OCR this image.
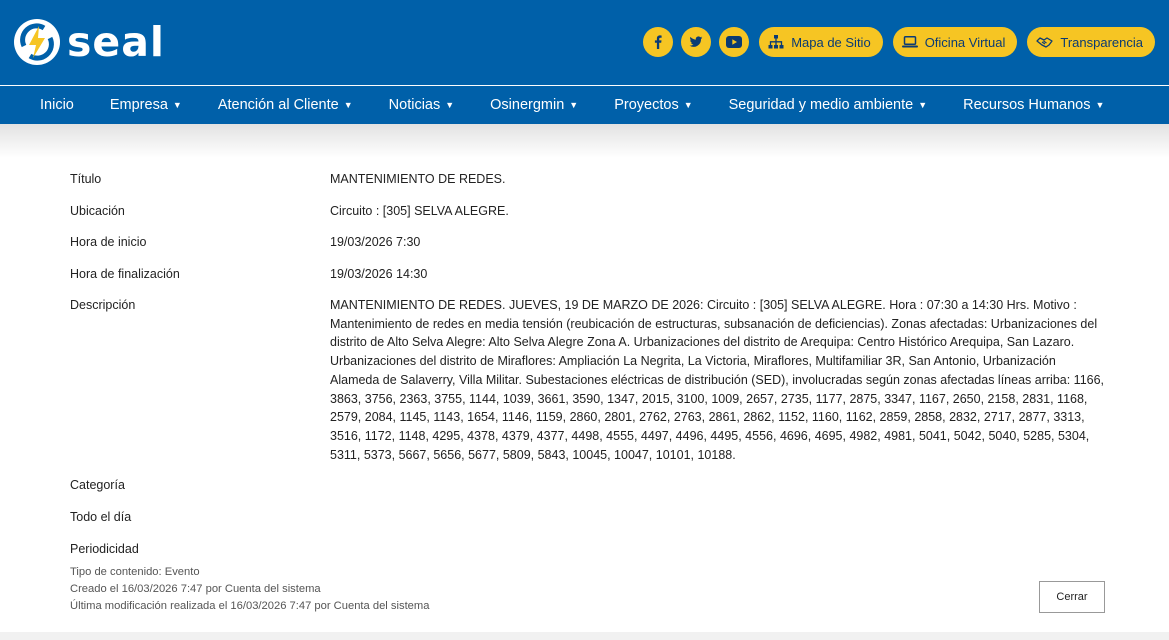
seal	Mapa de Sitio	Oficina Virtual	Transparencia
Inicio Empresa ▼ Atención al Cliente ▼ Noticias ▼ Osinergmin ▼ Proyectos ▼ Seguridad y medio ambiente ▼ Recursos Humanos ▼
Título	MANTENIMIENTO DE REDES.
Ubicación	Circuito : [305] SELVA ALEGRE.
Hora de inicio	19/03/2026 7:30
Hora de finalización	19/03/2026 14:30
Descripción	MANTENIMIENTO DE REDES. JUEVES, 19 DE MARZO DE 2026: Circuito : [305] SELVA ALEGRE. Hora : 07:30 a 14:30 Hrs. Motivo : Mantenimiento de redes en media tensión (reubicación de estructuras, subsanación de deficiencias). Zonas afectadas: Urbanizaciones del distrito de Alto Selva Alegre: Alto Selva Alegre Zona A. Urbanizaciones del distrito de Arequipa: Centro Histórico Arequipa, San Lazaro. Urbanizaciones del distrito de Miraflores: Ampliación La Negrita, La Victoria, Miraflores, Multifamiliar 3R, San Antonio, Urbanización Alameda de Salaverry, Villa Militar. Subestaciones eléctricas de distribución (SED), involucradas según zonas afectadas líneas arriba: 1166, 3863, 3756, 2363, 3755, 1144, 1039, 3661, 3590, 1347, 2015, 3100, 1009, 2657, 2735, 1177, 2875, 3347, 1167, 2650, 2158, 2831, 1168, 2579, 2084, 1145, 1143, 1654, 1146, 1159, 2860, 2801, 2762, 2763, 2861, 2862, 1152, 1160, 1162, 2859, 2858, 2832, 2717, 2877, 3313, 3516, 1172, 1148, 4295, 4378, 4379, 4377, 4498, 4555, 4497, 4496, 4495, 4556, 4696, 4695, 4982, 4981, 5041, 5042, 5040, 5285, 5304, 5311, 5373, 5667, 5656, 5677, 5809, 5843, 10045, 10047, 10101, 10188.
Categoría
Todo el día
Periodicidad
Tipo de contenido: Evento
Creado el 16/03/2026 7:47 por Cuenta del sistema
Última modificación realizada el 16/03/2026 7:47 por Cuenta del sistema
Cerrar
